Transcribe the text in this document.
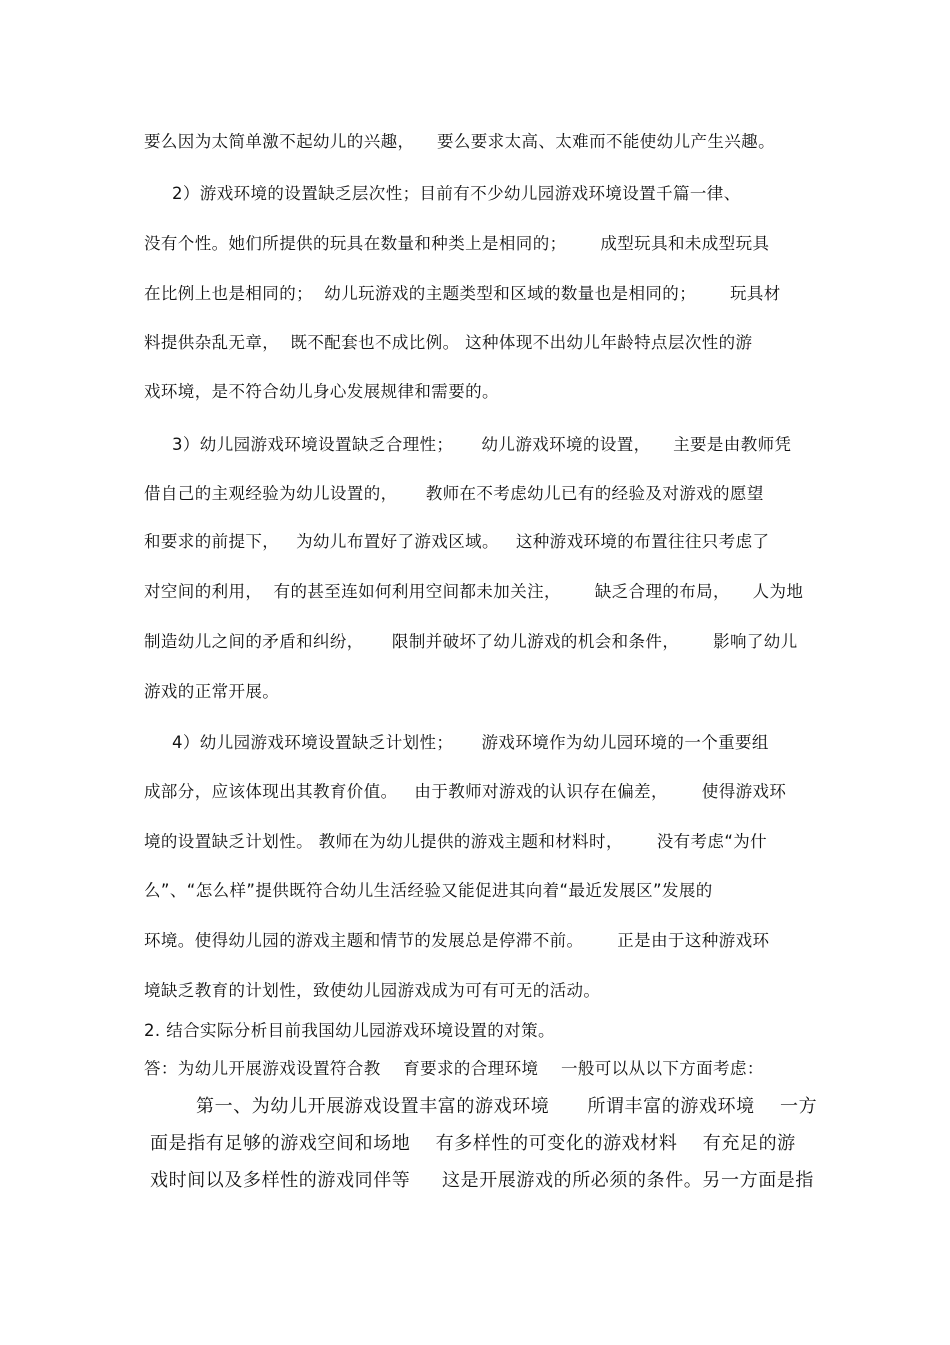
要么因为太简单激不起幼儿的兴趣，    要么要求太高、太难而不能使幼儿产生兴趣。
2）游戏环境的设置缺乏层次性；目前有不少幼儿园游戏环境设置千篇一律、
没有个性。她们所提供的玩具在数量和种类上是相同的；      成型玩具和未成型玩具
在比例上也是相同的；  幼儿玩游戏的主题类型和区域的数量也是相同的；      玩具材
料提供杂乱无章，  既不配套也不成比例。 这种体现不出幼儿年龄特点层次性的游
戏环境，是不符合幼儿身心发展规律和需要的。
3）幼儿园游戏环境设置缺乏合理性；     幼儿游戏环境的设置，    主要是由教师凭
借自己的主观经验为幼儿设置的，     教师在不考虑幼儿已有的经验及对游戏的愿望
和要求的前提下，   为幼儿布置好了游戏区域。   这种游戏环境的布置往往只考虑了
对空间的利用，  有的甚至连如何利用空间都未加关注，      缺乏合理的布局，    人为地
制造幼儿之间的矛盾和纠纷，     限制并破坏了幼儿游戏的机会和条件，      影响了幼儿
游戏的正常开展。
4）幼儿园游戏环境设置缺乏计划性；     游戏环境作为幼儿园环境的一个重要组
成部分，应该体现出其教育价值。   由于教师对游戏的认识存在偏差，      使得游戏环
境的设置缺乏计划性。 教师在为幼儿提供的游戏主题和材料时，      没有考虑“为什
么”、“怎么样”提供既符合幼儿生活经验又能促进其向着“最近发展区”发展的
环境。使得幼儿园的游戏主题和情节的发展总是停滞不前。      正是由于这种游戏环
境缺乏教育的计划性，致使幼儿园游戏成为可有可无的活动。
2. 结合实际分析目前我国幼儿园游戏环境设置的对策。
答：为幼儿开展游戏设置符合教    育要求的合理环境    一般可以从以下方面考虑：
第一、为幼儿开展游戏设置丰富的游戏环境      所谓丰富的游戏环境    一方
面是指有足够的游戏空间和场地    有多样性的可变化的游戏材料    有充足的游
戏时间以及多样性的游戏同伴等     这是开展游戏的所必须的条件。另一方面是指
